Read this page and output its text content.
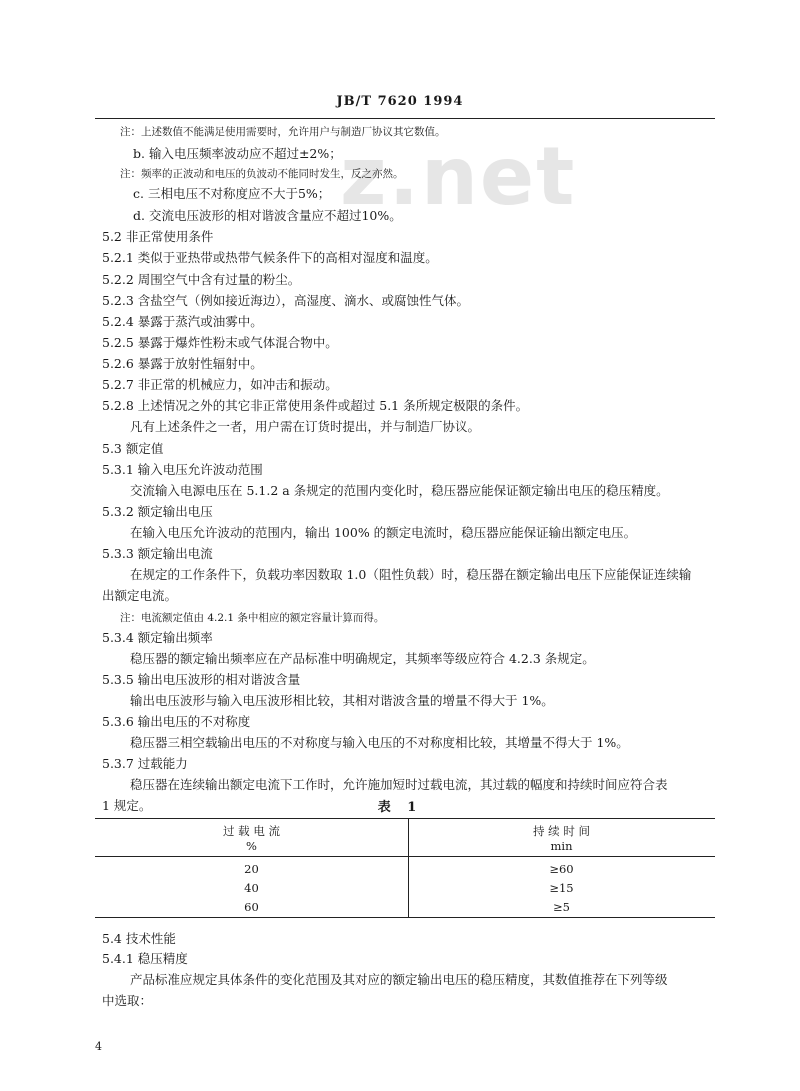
JB/T 7620 1994
z.net
注：上述数值不能满足使用需要时，允许用户与制造厂协议其它数值。
b. 输入电压频率波动应不超过±2%；
注：频率的正波动和电压的负波动不能同时发生，反之亦然。
c. 三相电压不对称度应不大于5%；
d. 交流电压波形的相对谐波含量应不超过10%。
5.2 非正常使用条件
5.2.1 类似于亚热带或热带气候条件下的高相对湿度和温度。
5.2.2 周围空气中含有过量的粉尘。
5.2.3 含盐空气（例如接近海边），高湿度、滴水、或腐蚀性气体。
5.2.4 暴露于蒸汽或油雾中。
5.2.5 暴露于爆炸性粉末或气体混合物中。
5.2.6 暴露于放射性辐射中。
5.2.7 非正常的机械应力，如冲击和振动。
5.2.8 上述情况之外的其它非正常使用条件或超过 5.1 条所规定极限的条件。
凡有上述条件之一者，用户需在订货时提出，并与制造厂协议。
5.3 额定值
5.3.1 输入电压允许波动范围
交流输入电源电压在 5.1.2 a 条规定的范围内变化时，稳压器应能保证额定输出电压的稳压精度。
5.3.2 额定输出电压
在输入电压允许波动的范围内，输出 100% 的额定电流时，稳压器应能保证输出额定电压。
5.3.3 额定输出电流
在规定的工作条件下，负载功率因数取 1.0（阻性负载）时，稳压器在额定输出电压下应能保证连续输
出额定电流。
注：电流额定值由 4.2.1 条中相应的额定容量计算而得。
5.3.4 额定输出频率
稳压器的额定输出频率应在产品标准中明确规定，其频率等级应符合 4.2.3 条规定。
5.3.5 输出电压波形的相对谐波含量
输出电压波形与输入电压波形相比较，其相对谐波含量的增量不得大于 1%。
5.3.6 输出电压的不对称度
稳压器三相空载输出电压的不对称度与输入电压的不对称度相比较，其增量不得大于 1%。
5.3.7 过载能力
稳压器在连续输出额定电流下工作时，允许施加短时过载电流，其过载的幅度和持续时间应符合表
1 规定。	表 1
过 载 电 流	持 续 时 间
%	min
20	≥60
40	≥15
60	≥5
5.4 技术性能
5.4.1 稳压精度
产品标准应规定具体条件的变化范围及其对应的额定输出电压的稳压精度，其数值推荐在下列等级
中选取：
4
